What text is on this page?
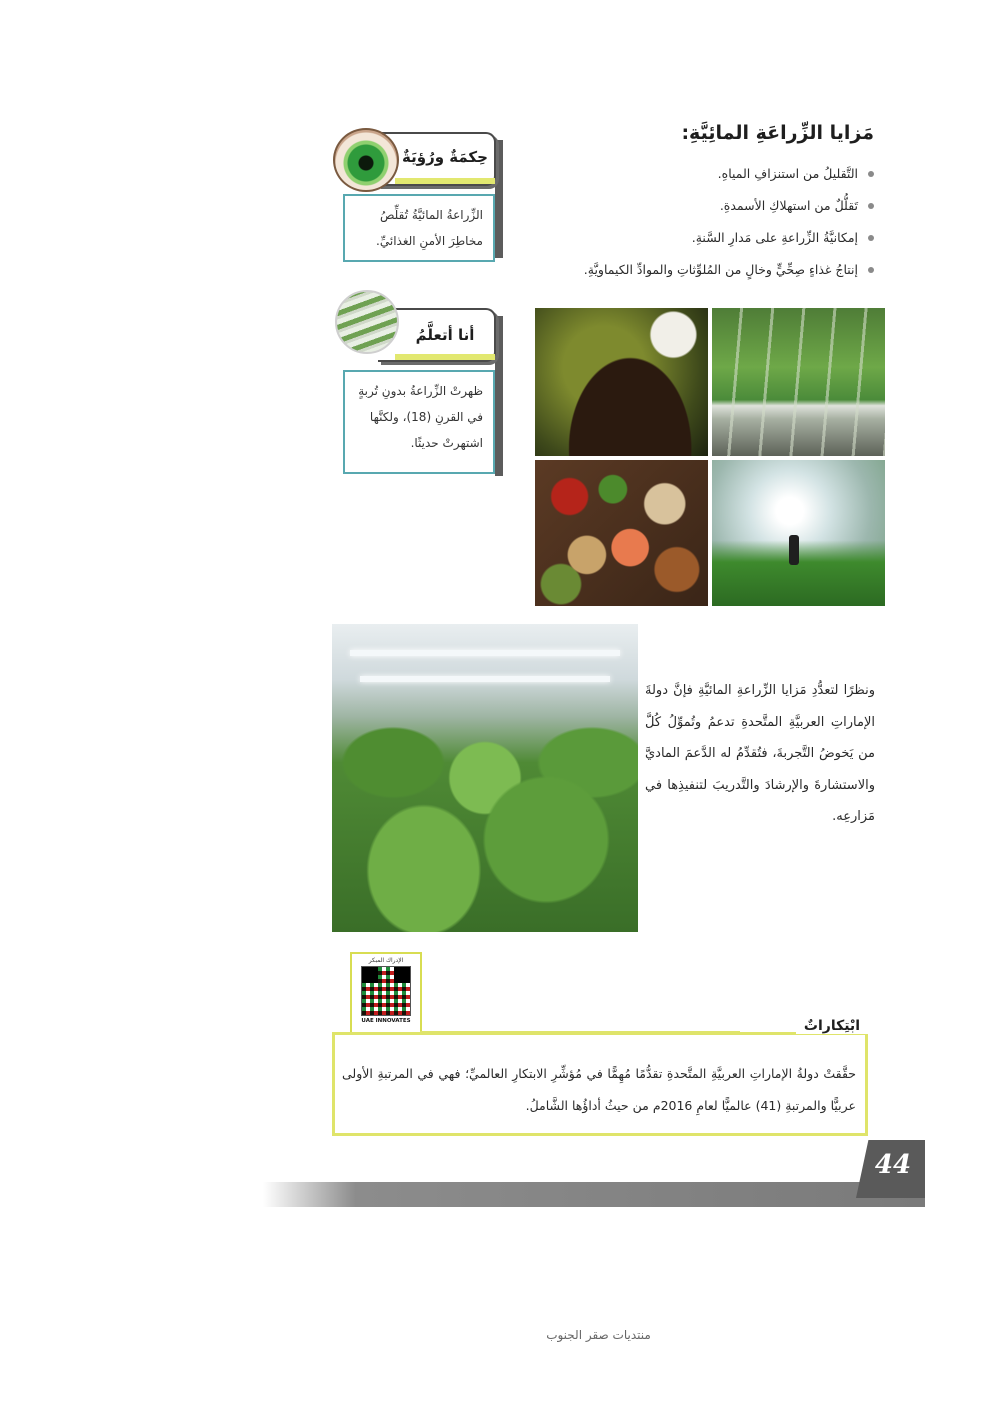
مَزايا الزِّراعَةِ المائِيَّةِ:
التَّقليلُ من استنزافِ المياهِ.
تَقلُّلٌ من استهلاكِ الأسمدةِ.
إمكانيَّةُ الزِّراعةِ على مَدارِ السَّنةِ.
إنتاجُ غذاءٍ صِحِّيٍّ وخالٍ من المُلوِّثاتِ والموادِّ الكيماويَّةِ.
حِكمَةٌ ورُؤيَةٌ
الزِّراعةُ المائيَّةُ تُقلِّصُ مخاطِرَ الأمنِ الغذائيِّ.
أنا أتعلَّمُ
ظهرتْ الزِّراعةُ بدونِ تُربةٍ في القرنِ (18)، ولكنَّها اشتهرتْ حديثًا.
ونظرًا لتعدُّدِ مَزايا الزِّراعةِ المائيَّةِ فإنَّ دولةَ الإماراتِ العربيَّةِ المتَّحدةِ تدعمُ وتُموِّلُ كُلَّ من يَخوضُ التَّجربةَ، فتُقدِّمُ له الدَّعمَ الماديَّ والاستشارةَ والإرشادَ والتَّدريبَ لتنفيذِها في مَزارعِه.
الإدراك المبكر
UAE INNOVATES	ابْتِكاراتٌ
حقَّقتْ دولةُ الإماراتِ العربيَّةِ المتَّحدةِ تقدُّمًا مُهِمًّا في مُؤشِّرِ الابتكارِ العالميِّ؛ فهي في المرتبةِ الأولى عربيًّا والمرتبةِ (41) عالميًّا لعامِ 2016م من حيثُ أداؤُها الشَّاملُ.
44
منتديات صقر الجنوب
